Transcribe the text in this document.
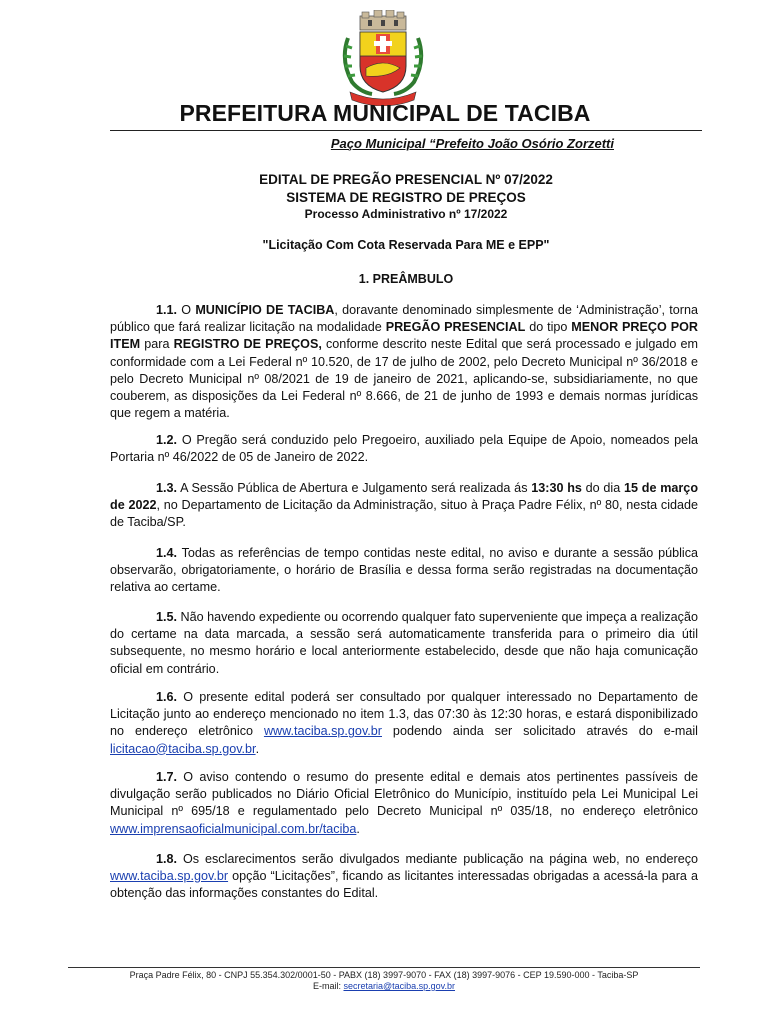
PREFEITURA MUNICIPAL DE TACIBA
Paço Municipal “Prefeito João Osório Zorzetti
EDITAL DE PREGÃO PRESENCIAL Nº 07/2022
SISTEMA DE REGISTRO DE PREÇOS
Processo Administrativo nº 17/2022
"Licitação Com Cota Reservada Para ME e EPP"
1. PREÂMBULO

1.1. O MUNICÍPIO DE TACIBA, doravante denominado simplesmente de ‘Administração’, torna público que fará realizar licitação na modalidade PREGÃO PRESENCIAL do tipo MENOR PREÇO POR ITEM para REGISTRO DE PREÇOS, conforme descrito neste Edital que será processado e julgado em conformidade com a Lei Federal nº 10.520, de 17 de julho de 2002, pelo Decreto Municipal nº 36/2018 e pelo Decreto Municipal nº 08/2021 de 19 de janeiro de 2021, aplicando-se, subsidiariamente, no que couberem, as disposições da Lei Federal nº 8.666, de 21 de junho de 1993 e demais normas jurídicas que regem a matéria.

1.2. O Pregão será conduzido pelo Pregoeiro, auxiliado pela Equipe de Apoio, nomeados pela Portaria nº 46/2022 de 05 de Janeiro de 2022.

1.3. A Sessão Pública de Abertura e Julgamento será realizada ás 13:30 hs do dia 15 de março de 2022, no Departamento de Licitação da Administração, situo à Praça Padre Félix, nº 80, nesta cidade de Taciba/SP.

1.4. Todas as referências de tempo contidas neste edital, no aviso e durante a sessão pública observarão, obrigatoriamente, o horário de Brasília e dessa forma serão registradas na documentação relativa ao certame.

1.5. Não havendo expediente ou ocorrendo qualquer fato superveniente que impeça a realização do certame na data marcada, a sessão será automaticamente transferida para o primeiro dia útil subsequente, no mesmo horário e local anteriormente estabelecido, desde que não haja comunicação oficial em contrário.

1.6. O presente edital poderá ser consultado por qualquer interessado no Departamento de Licitação junto ao endereço mencionado no item 1.3, das 07:30 às 12:30 horas, e estará disponibilizado no endereço eletrônico www.taciba.sp.gov.br podendo ainda ser solicitado através do e-mail licitacao@taciba.sp.gov.br.

1.7. O aviso contendo o resumo do presente edital e demais atos pertinentes passíveis de divulgação serão publicados no Diário Oficial Eletrônico do Município, instituído pela Lei Municipal Lei Municipal nº 695/18 e regulamentado pelo Decreto Municipal nº 035/18, no endereço eletrônico www.imprensaoficialmunicipal.com.br/taciba.

1.8. Os esclarecimentos serão divulgados mediante publicação na página web, no endereço www.taciba.sp.gov.br opção “Licitações”, ficando as licitantes interessadas obrigadas a acessá-la para a obtenção das informações constantes do Edital.

Praça Padre Félix, 80 - CNPJ 55.354.302/0001-50 - PABX (18) 3997-9070 - FAX (18) 3997-9076 - CEP 19.590-000 - Taciba-SP
E-mail: secretaria@taciba.sp.gov.br
